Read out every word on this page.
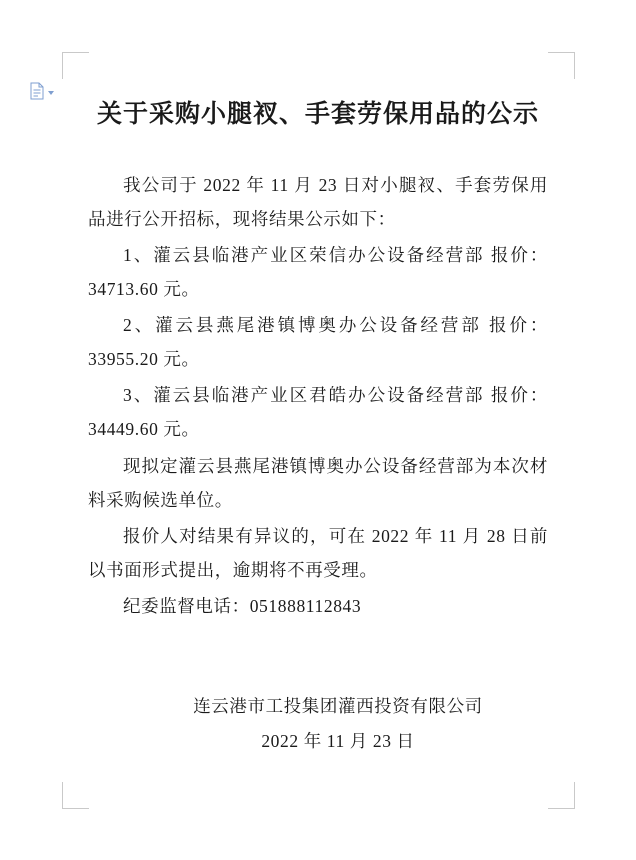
关于采购小腿衩、手套劳保用品的公示

我公司于 2022 年 11 月 23 日对小腿衩、手套劳保用品进行公开招标，现将结果公示如下：

1、灌云县临港产业区荣信办公设备经营部 报价：34713.60 元。

2、灌云县燕尾港镇博奥办公设备经营部 报价：33955.20 元。

3、灌云县临港产业区君皓办公设备经营部 报价：34449.60 元。

现拟定灌云县燕尾港镇博奥办公设备经营部为本次材料采购候选单位。

报价人对结果有异议的，可在 2022 年 11 月 28 日前以书面形式提出，逾期将不再受理。

纪委监督电话：051888112843

连云港市工投集团灌西投资有限公司
2022 年 11 月 23 日
